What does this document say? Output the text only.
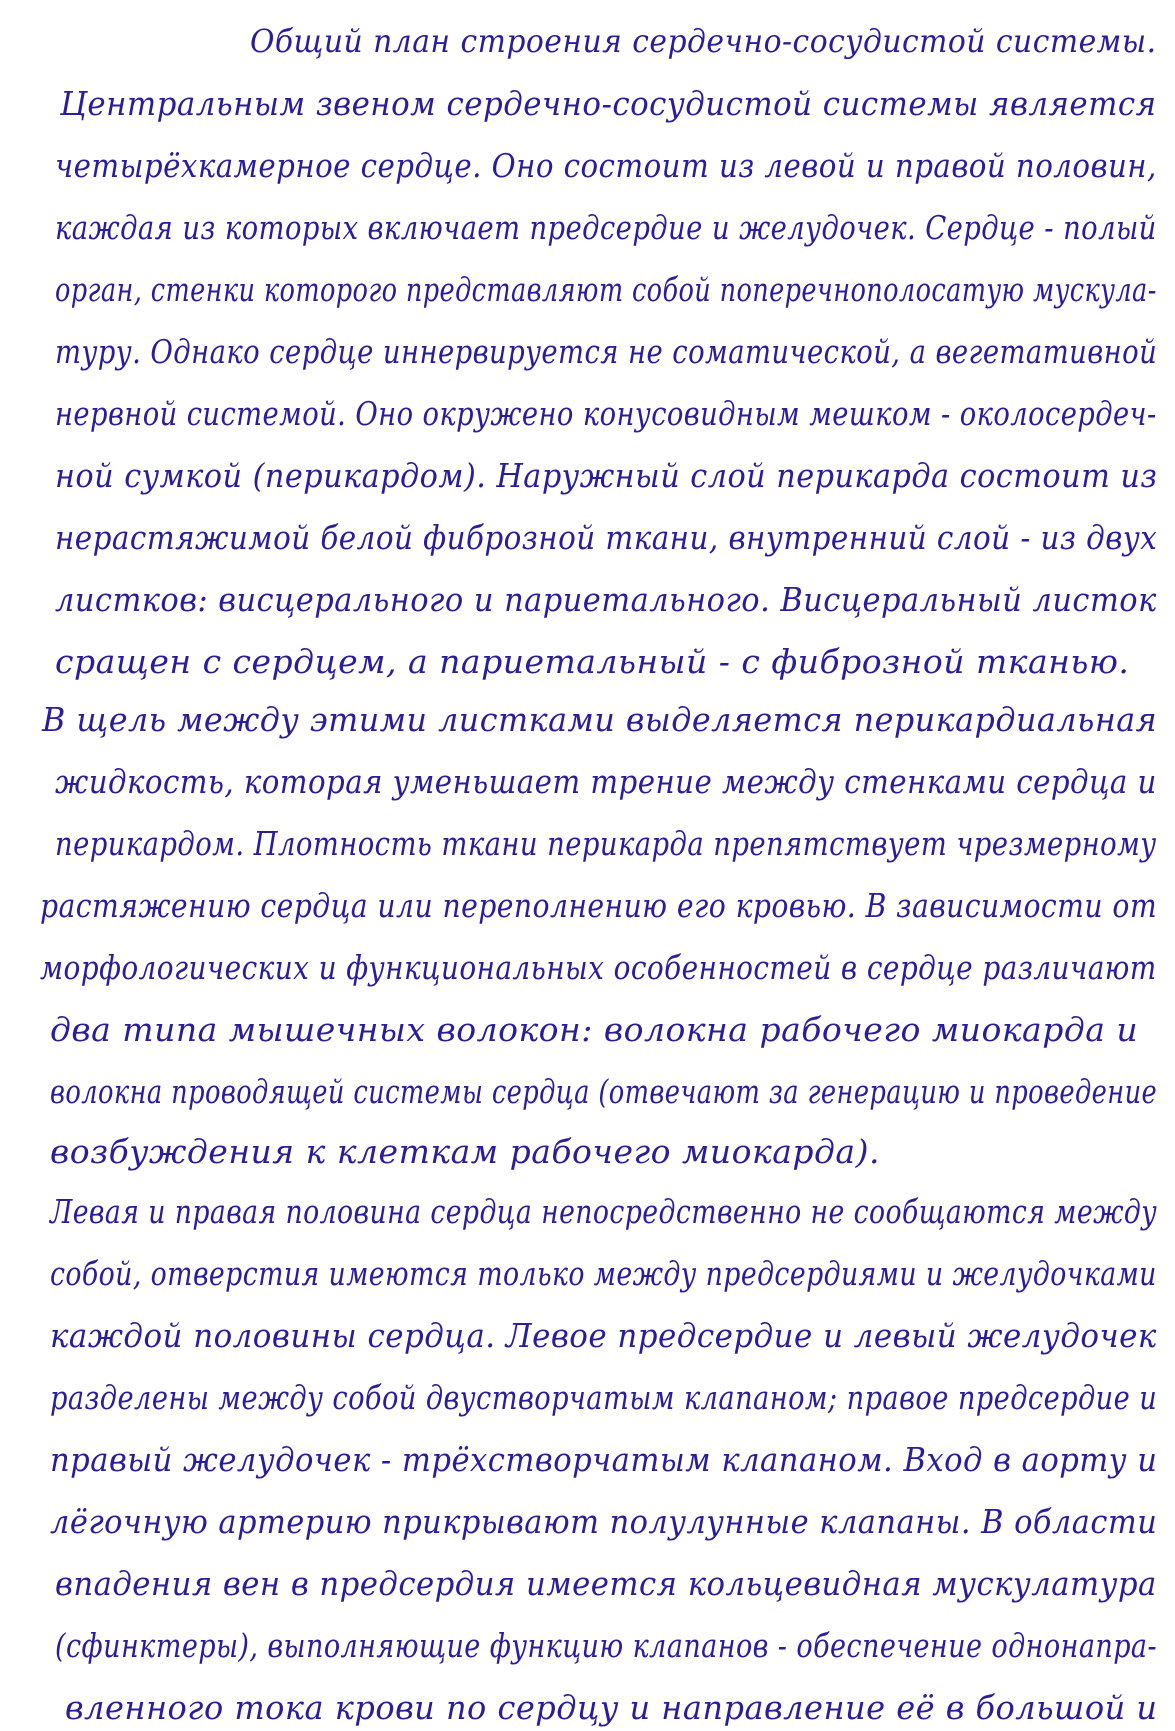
Общий план строения сердечно-сосудистой системы.
Центральным звеном сердечно-сосудистой системы является
четырёхкамерное сердце. Оно состоит из левой и правой половин,
каждая из которых включает предсердие и желудочек. Сердце - полый
орган, стенки которого представляют собой поперечнополосатую мускула-
туру. Однако сердце иннервируется не соматической, а вегетативной
нервной системой. Оно окружено конусовидным мешком - околосердеч-
ной сумкой (перикардом). Наружный слой перикарда состоит из
нерастяжимой белой фиброзной ткани, внутренний слой - из двух
листков: висцерального и париетального. Висцеральный листок
сращен с сердцем, а париетальный - с фиброзной тканью.
В щель между этими листками выделяется перикардиальная
жидкость, которая уменьшает трение между стенками сердца и
перикардом. Плотность ткани перикарда препятствует чрезмерному
растяжению сердца или переполнению его кровью. В зависимости от
морфологических и функциональных особенностей в сердце различают
два типа мышечных волокон: волокна рабочего миокарда и
волокна проводящей системы сердца (отвечают за генерацию и проведение
возбуждения к клеткам рабочего миокарда).
Левая и правая половина сердца непосредственно не сообщаются между
собой, отверстия имеются только между предсердиями и желудочками
каждой половины сердца. Левое предсердие и левый желудочек
разделены между собой двустворчатым клапаном; правое предсердие и
правый желудочек - трёхстворчатым клапаном. Вход в аорту и
лёгочную артерию прикрывают полулунные клапаны. В области
впадения вен в предсердия имеется кольцевидная мускулатура
(сфинктеры), выполняющие функцию клапанов - обеспечение однонапра-
вленного тока крови по сердцу и направление её в большой и
